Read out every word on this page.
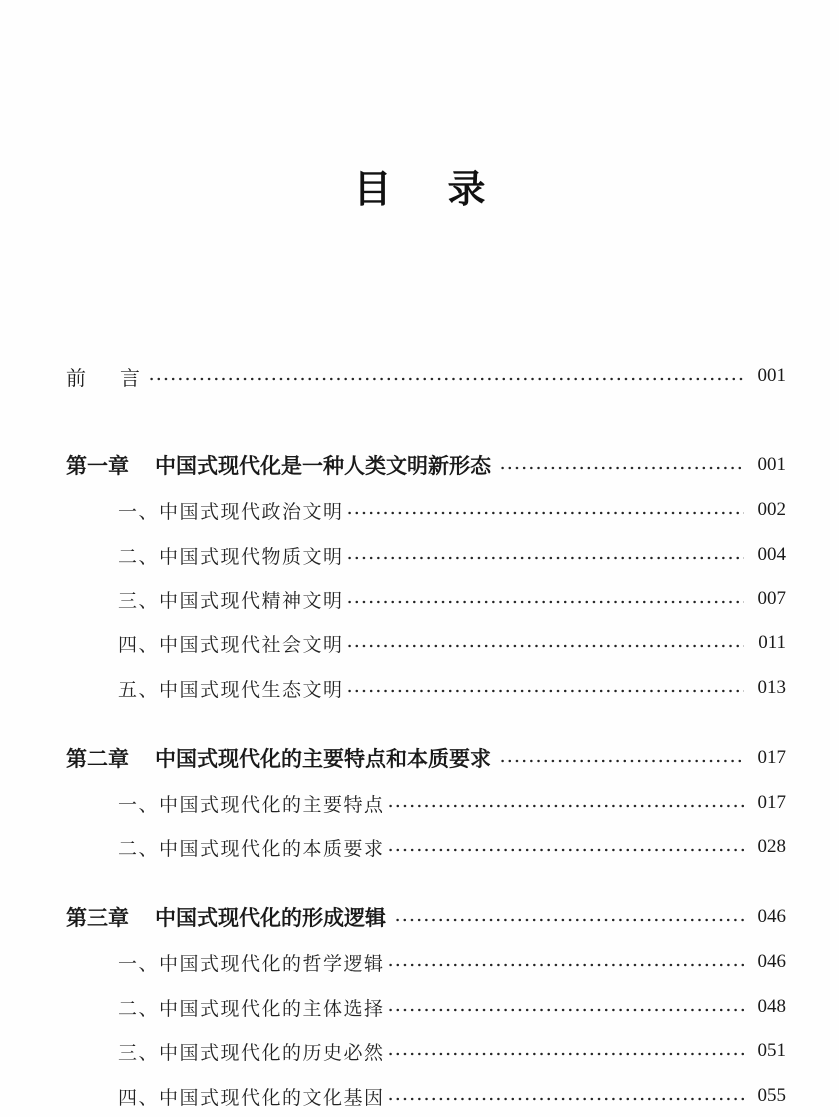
目 录
前 言	001
第一章 中国式现代化是一种人类文明新形态	001
一、中国式现代政治文明	002
二、中国式现代物质文明	004
三、中国式现代精神文明	007
四、中国式现代社会文明	011
五、中国式现代生态文明	013
第二章 中国式现代化的主要特点和本质要求	017
一、中国式现代化的主要特点	017
二、中国式现代化的本质要求	028
第三章 中国式现代化的形成逻辑	046
一、中国式现代化的哲学逻辑	046
二、中国式现代化的主体选择	048
三、中国式现代化的历史必然	051
四、中国式现代化的文化基因	055
